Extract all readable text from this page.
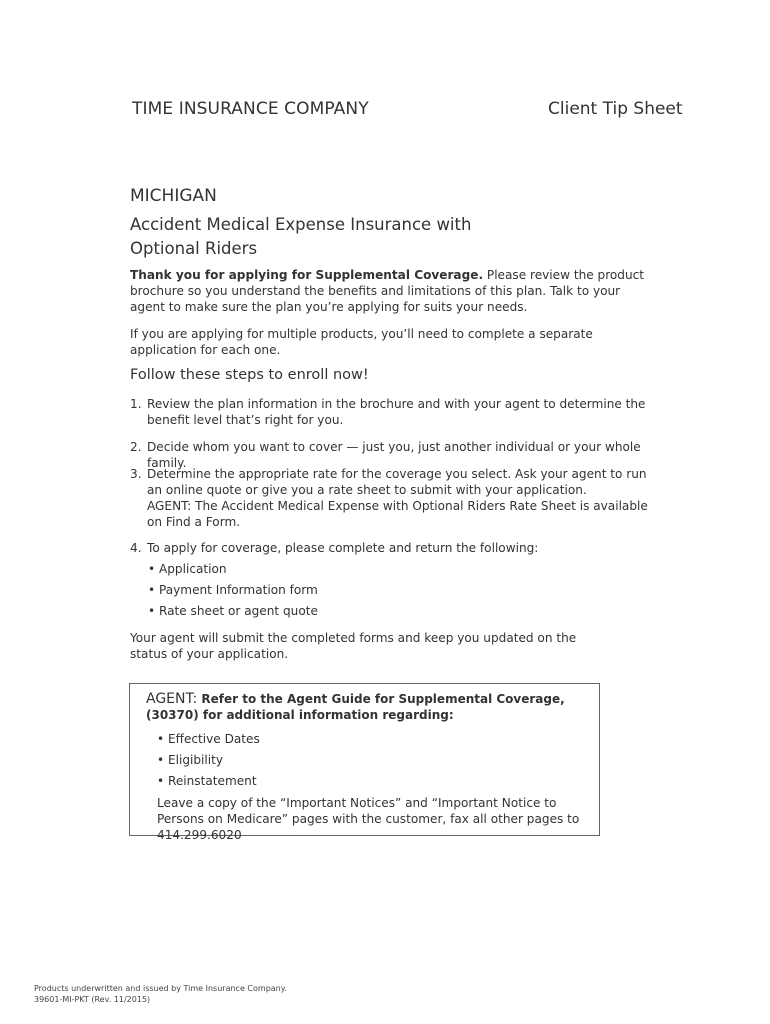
TIME INSURANCE COMPANY	Client Tip Sheet
MICHIGAN
Accident Medical Expense Insurance with Optional Riders
Thank you for applying for Supplemental Coverage. Please review the product brochure so you understand the benefits and limitations of this plan. Talk to your agent to make sure the plan you’re applying for suits your needs.
If you are applying for multiple products, you’ll need to complete a separate application for each one.
Follow these steps to enroll now!
1. Review the plan information in the brochure and with your agent to determine the benefit level that’s right for you.
2. Decide whom you want to cover — just you, just another individual or your whole family.
3. Determine the appropriate rate for the coverage you select. Ask your agent to run an online quote or give you a rate sheet to submit with your application.
AGENT: The Accident Medical Expense with Optional Riders Rate Sheet is available on Find a Form.
4. To apply for coverage, please complete and return the following:
• Application
• Payment Information form
• Rate sheet or agent quote
Your agent will submit the completed forms and keep you updated on the status of your application.
AGENT: Refer to the Agent Guide for Supplemental Coverage, (30370) for additional information regarding:
• Effective Dates
• Eligibility
• Reinstatement
Leave a copy of the “Important Notices” and “Important Notice to Persons on Medicare” pages with the customer, fax all other pages to 414.299.6020
Products underwritten and issued by Time Insurance Company.
39601-MI-PKT (Rev. 11/2015)
